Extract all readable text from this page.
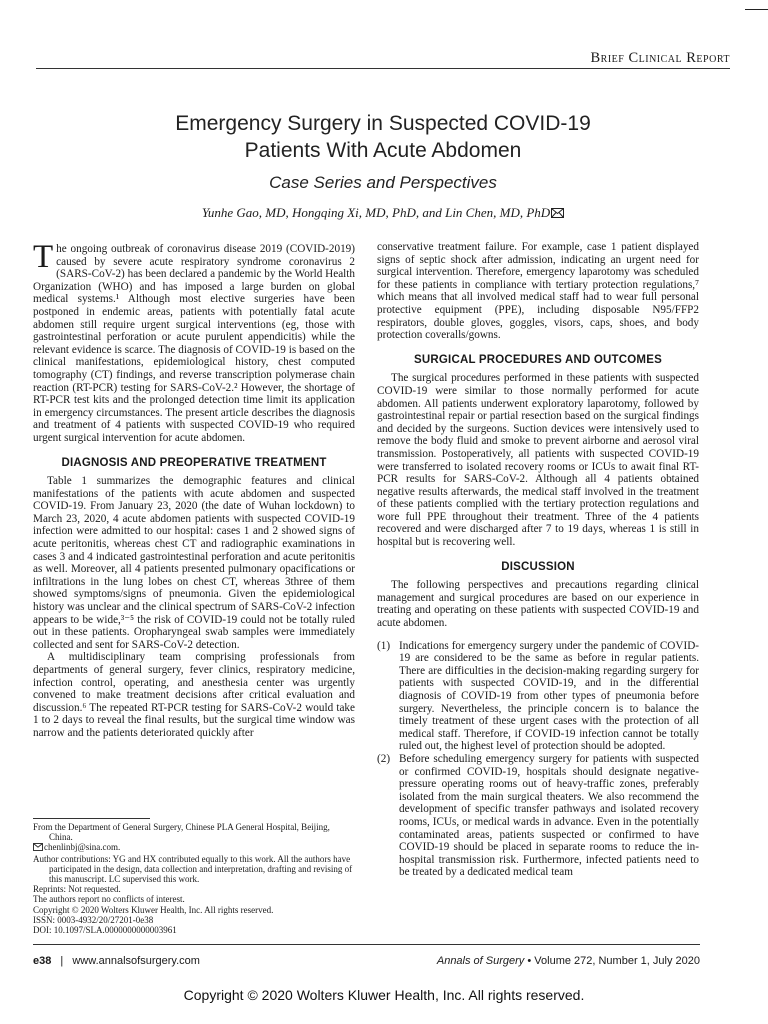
Brief Clinical Report
Emergency Surgery in Suspected COVID-19
Patients With Acute Abdomen
Case Series and Perspectives
Yunhe Gao, MD, Hongqing Xi, MD, PhD, and Lin Chen, MD, PhD

The ongoing outbreak of coronavirus disease 2019 (COVID-2019) caused by severe acute respiratory syndrome coronavirus 2 (SARS-CoV-2) has been declared a pandemic by the World Health Organization (WHO) and has imposed a large burden on global medical systems.¹ Although most elective surgeries have been postponed in endemic areas, patients with potentially fatal acute abdomen still require urgent surgical interventions (eg, those with gastrointestinal perforation or acute purulent appendicitis) while the relevant evidence is scarce. The diagnosis of COVID-19 is based on the clinical manifestations, epidemiological history, chest computed tomography (CT) findings, and reverse transcription polymerase chain reaction (RT-PCR) testing for SARS-CoV-2.² However, the shortage of RT-PCR test kits and the prolonged detection time limit its application in emergency circumstances. The present article describes the diagnosis and treatment of 4 patients with suspected COVID-19 who required urgent surgical intervention for acute abdomen.

DIAGNOSIS AND PREOPERATIVE TREATMENT

Table 1 summarizes the demographic features and clinical manifestations of the patients with acute abdomen and suspected COVID-19. From January 23, 2020 (the date of Wuhan lockdown) to March 23, 2020, 4 acute abdomen patients with suspected COVID-19 infection were admitted to our hospital: cases 1 and 2 showed signs of acute peritonitis, whereas chest CT and radiographic examinations in cases 3 and 4 indicated gastrointestinal perforation and acute peritonitis as well. Moreover, all 4 patients presented pulmonary opacifications or infiltrations in the lung lobes on chest CT, whereas 3three of them showed symptoms/signs of pneumonia. Given the epidemiological history was unclear and the clinical spectrum of SARS-CoV-2 infection appears to be wide,³⁻⁵ the risk of COVID-19 could not be totally ruled out in these patients. Oropharyngeal swab samples were immediately collected and sent for SARS-CoV-2 detection.

A multidisciplinary team comprising professionals from departments of general surgery, fever clinics, respiratory medicine, infection control, operating, and anesthesia center was urgently convened to make treatment decisions after critical evaluation and discussion.⁶ The repeated RT-PCR testing for SARS-CoV-2 would take 1 to 2 days to reveal the final results, but the surgical time window was narrow and the patients deteriorated quickly after

conservative treatment failure. For example, case 1 patient displayed signs of septic shock after admission, indicating an urgent need for surgical intervention. Therefore, emergency laparotomy was scheduled for these patients in compliance with tertiary protection regulations,⁷ which means that all involved medical staff had to wear full personal protective equipment (PPE), including disposable N95/FFP2 respirators, double gloves, goggles, visors, caps, shoes, and body protection coveralls/gowns.

SURGICAL PROCEDURES AND OUTCOMES

The surgical procedures performed in these patients with suspected COVID-19 were similar to those normally performed for acute abdomen. All patients underwent exploratory laparotomy, followed by gastrointestinal repair or partial resection based on the surgical findings and decided by the surgeons. Suction devices were intensively used to remove the body fluid and smoke to prevent airborne and aerosol viral transmission. Postoperatively, all patients with suspected COVID-19 were transferred to isolated recovery rooms or ICUs to await final RT-PCR results for SARS-CoV-2. Although all 4 patients obtained negative results afterwards, the medical staff involved in the treatment of these patients complied with the tertiary protection regulations and wore full PPE throughout their treatment. Three of the 4 patients recovered and were discharged after 7 to 19 days, whereas 1 is still in hospital but is recovering well.

DISCUSSION

The following perspectives and precautions regarding clinical management and surgical procedures are based on our experience in treating and operating on these patients with suspected COVID-19 and acute abdomen.

(1) Indications for emergency surgery under the pandemic of COVID-19 are considered to be the same as before in regular patients. There are difficulties in the decision-making regarding surgery for patients with suspected COVID-19, and in the differential diagnosis of COVID-19 from other types of pneumonia before surgery. Nevertheless, the principle concern is to balance the timely treatment of these urgent cases with the protection of all medical staff. Therefore, if COVID-19 infection cannot be totally ruled out, the highest level of protection should be adopted.
(2) Before scheduling emergency surgery for patients with suspected or confirmed COVID-19, hospitals should designate negative-pressure operating rooms out of heavy-traffic zones, preferably isolated from the main surgical theaters. We also recommend the development of specific transfer pathways and isolated recovery rooms, ICUs, or medical wards in advance. Even in the potentially contaminated areas, patients suspected or confirmed to have COVID-19 should be placed in separate rooms to reduce the in-hospital transmission risk. Furthermore, infected patients need to be treated by a dedicated medical team

From the Department of General Surgery, Chinese PLA General Hospital, Beijing, China.

chenlinbj@sina.com.

Author contributions: YG and HX contributed equally to this work. All the authors have participated in the design, data collection and interpretation, drafting and revising of this manuscript. LC supervised this work.

Reprints: Not requested.

The authors report no conflicts of interest.

Copyright © 2020 Wolters Kluwer Health, Inc. All rights reserved.

ISSN: 0003-4932/20/27201-0e38

DOI: 10.1097/SLA.0000000000003961

e38 | www.annalsofsurgery.com	Annals of Surgery • Volume 272, Number 1, July 2020
Copyright © 2020 Wolters Kluwer Health, Inc. All rights reserved.
